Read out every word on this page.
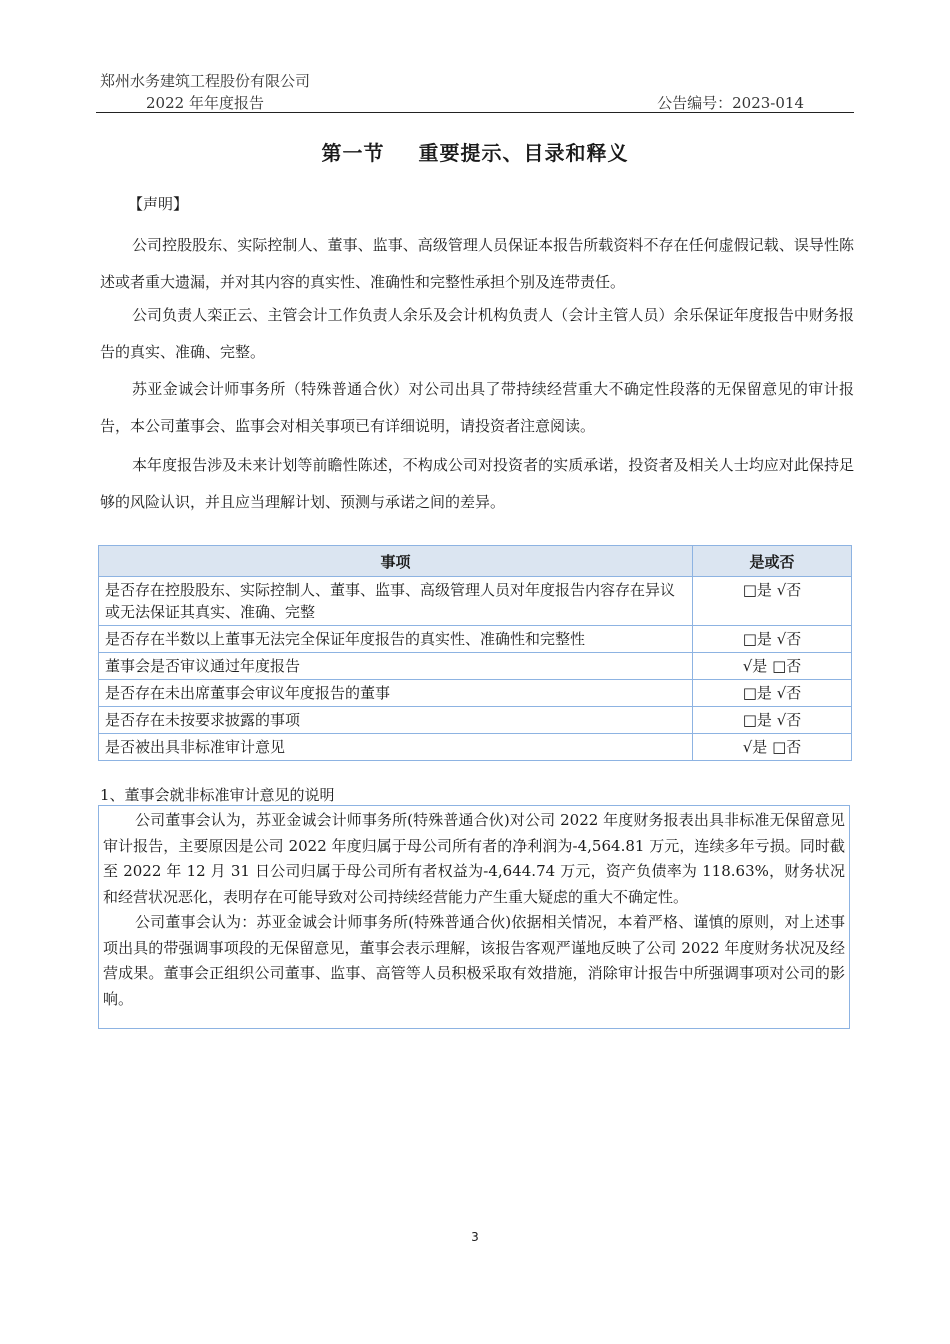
郑州水务建筑工程股份有限公司
2022 年年度报告	公告编号：2023-014
第一节 重要提示、目录和释义
【声明】

公司控股股东、实际控制人、董事、监事、高级管理人员保证本报告所载资料不存在任何虚假记载、误导性陈述或者重大遗漏，并对其内容的真实性、准确性和完整性承担个别及连带责任。

公司负责人栾正云、主管会计工作负责人余乐及会计机构负责人（会计主管人员）余乐保证年度报告中财务报告的真实、准确、完整。

苏亚金诚会计师事务所（特殊普通合伙）对公司出具了带持续经营重大不确定性段落的无保留意见的审计报告，本公司董事会、监事会对相关事项已有详细说明，请投资者注意阅读。

本年度报告涉及未来计划等前瞻性陈述，不构成公司对投资者的实质承诺，投资者及相关人士均应对此保持足够的风险认识，并且应当理解计划、预测与承诺之间的差异。

事项	是或否
是否存在控股股东、实际控制人、董事、监事、高级管理人员对年度报告内容存在异议或无法保证其真实、准确、完整	□是 √否
是否存在半数以上董事无法完全保证年度报告的真实性、准确性和完整性	□是 √否
董事会是否审议通过年度报告	√是 □否
是否存在未出席董事会审议年度报告的董事	□是 √否
是否存在未按要求披露的事项	□是 √否
是否被出具非标准审计意见	√是 □否
1、董事会就非标准审计意见的说明

公司董事会认为，苏亚金诚会计师事务所(特殊普通合伙)对公司 2022 年度财务报表出具非标准无保留意见审计报告，主要原因是公司 2022 年度归属于母公司所有者的净利润为-4,564.81 万元，连续多年亏损。同时截至 2022 年 12 月 31 日公司归属于母公司所有者权益为-4,644.74 万元，资产负债率为 118.63%，财务状况和经营状况恶化，表明存在可能导致对公司持续经营能力产生重大疑虑的重大不确定性。

公司董事会认为：苏亚金诚会计师事务所(特殊普通合伙)依据相关情况，本着严格、谨慎的原则，对上述事项出具的带强调事项段的无保留意见，董事会表示理解，该报告客观严谨地反映了公司 2022 年度财务状况及经营成果。董事会正组织公司董事、监事、高管等人员积极采取有效措施，消除审计报告中所强调事项对公司的影响。

3
